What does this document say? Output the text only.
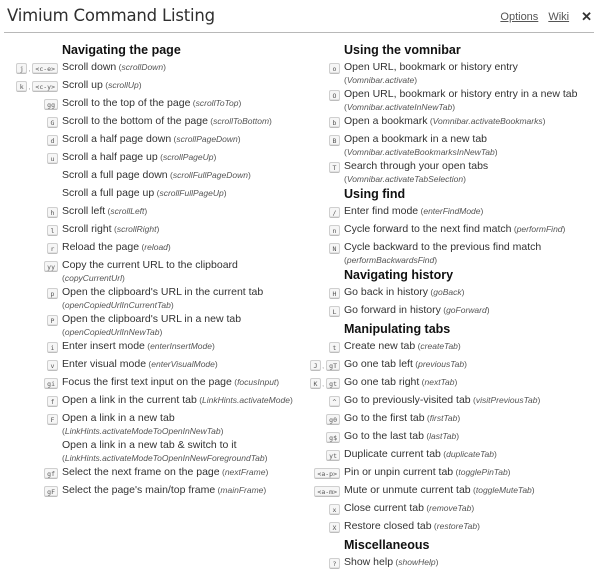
Vimium Command Listing	Options Wiki ✕
Navigating the page
j , <c-e> Scroll down (scrollDown)
k , <c-y> Scroll up (scrollUp)
gg Scroll to the top of the page (scrollToTop)
G Scroll to the bottom of the page (scrollToBottom)
d Scroll a half page down (scrollPageDown)
u Scroll a half page up (scrollPageUp)
Scroll a full page down (scrollFullPageDown)
Scroll a full page up (scrollFullPageUp)
h Scroll left (scrollLeft)
l Scroll right (scrollRight)
r Reload the page (reload)
yy Copy the current URL to the clipboard
(copyCurrentUrl)
p Open the clipboard's URL in the current tab
(openCopiedUrlInCurrentTab)
P Open the clipboard's URL in a new tab
(openCopiedUrlInNewTab)
i Enter insert mode (enterInsertMode)
v Enter visual mode (enterVisualMode)
gi Focus the first text input on the page (focusInput)
f Open a link in the current tab (LinkHints.activateMode)
F Open a link in a new tab
(LinkHints.activateModeToOpenInNewTab)
Open a link in a new tab & switch to it
(LinkHints.activateModeToOpenInNewForegroundTab)
gf Select the next frame on the page (nextFrame)
gF Select the page's main/top frame (mainFrame)
Using the vomnibar
o Open URL, bookmark or history entry
(Vomnibar.activate)
O Open URL, bookmark or history entry in a new tab
(Vomnibar.activateInNewTab)
b Open a bookmark (Vomnibar.activateBookmarks)
B Open a bookmark in a new tab
(Vomnibar.activateBookmarksInNewTab)
T Search through your open tabs
(Vomnibar.activateTabSelection)
Using find
/ Enter find mode (enterFindMode)
n Cycle forward to the next find match (performFind)
N Cycle backward to the previous find match
(performBackwardsFind)
Navigating history
H Go back in history (goBack)
L Go forward in history (goForward)
Manipulating tabs
t Create new tab (createTab)
J , gT Go one tab left (previousTab)
K , gt Go one tab right (nextTab)
^ Go to previously-visited tab (visitPreviousTab)
g0 Go to the first tab (firstTab)
g$ Go to the last tab (lastTab)
yt Duplicate current tab (duplicateTab)
<a-p> Pin or unpin current tab (togglePinTab)
<a-m> Mute or unmute current tab (toggleMuteTab)
x Close current tab (removeTab)
X Restore closed tab (restoreTab)
Miscellaneous
? Show help (showHelp)
